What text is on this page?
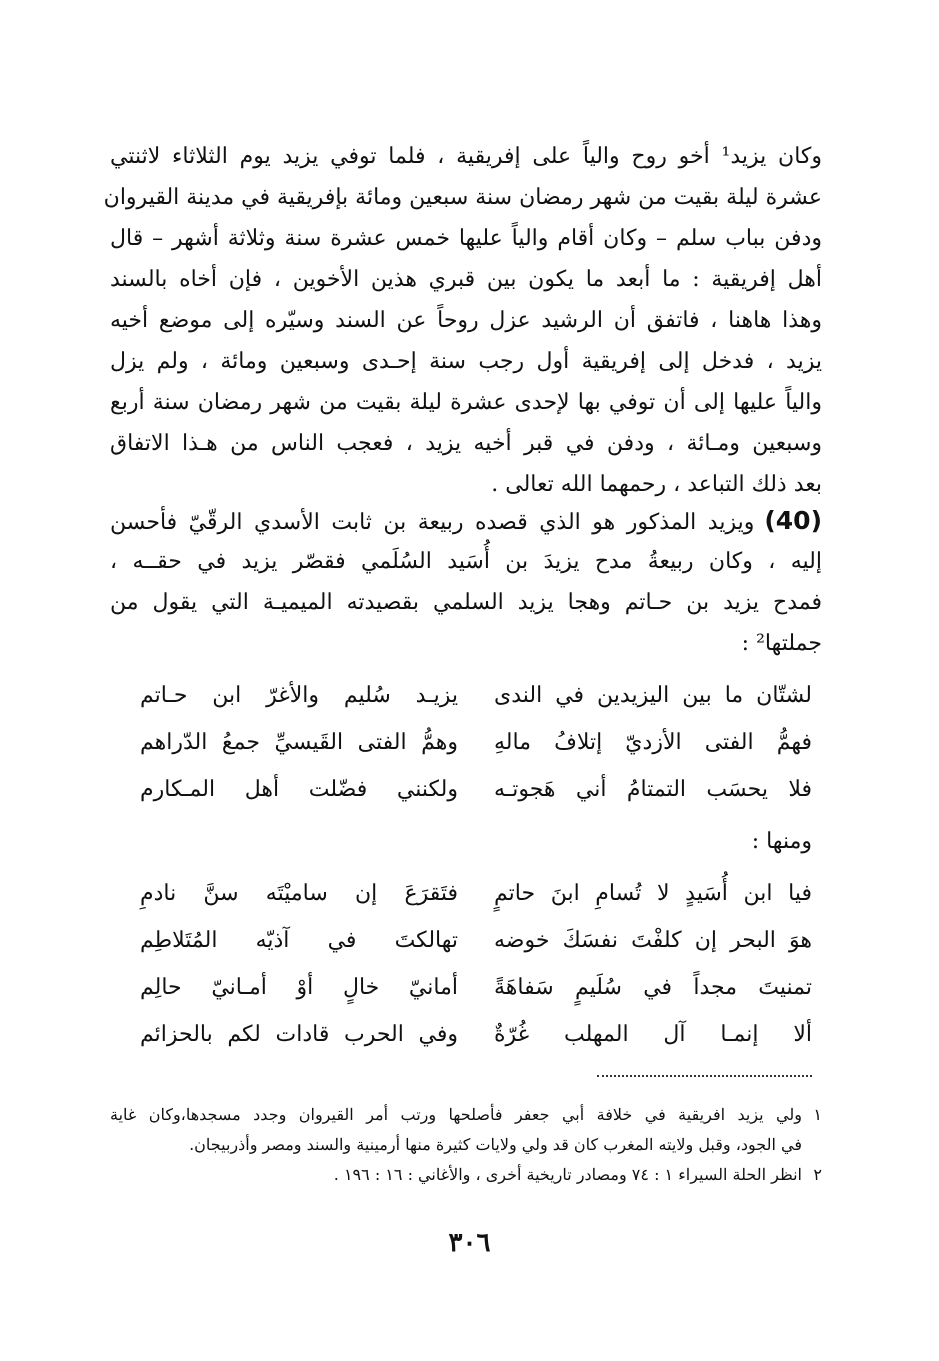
وكان يزيد¹ أخو روح والياً على إفريقية ، فلما توفي يزيد يوم الثلاثاء لاثنتي
عشرة ليلة بقيت من شهر رمضان سنة سبعين ومائة بإفريقية في مدينة القيروان
ودفن بباب سلم – وكان أقام والياً عليها خمس عشرة سنة وثلاثة أشهر – قال
أهل إفريقية : ما أبعد ما يكون بين قبري هذين الأخوين ، فإن أخاه بالسند
وهذا هاهنا ، فاتفق أن الرشيد عزل روحاً عن السند وسيّره إلى موضع أخيه
يزيد ، فدخل إلى إفريقية أول رجب سنة إحـدى وسبعين ومائة ، ولم يزل
والياً عليها إلى أن توفي بها لإحدى عشرة ليلة بقيت من شهر رمضان سنة أربع
وسبعين ومـائة ، ودفن في قبر أخيه يزيد ، فعجب الناس من هـذا الاتفاق
بعد ذلك التباعد ، رحمهما الله تعالى .
(40)ويزيد المذكور هو الذي قصده ربيعة بن ثابت الأسدي الرقّيّ فأحسن
إليه ، وكان ربيعةُ مدح يزيدَ بن أُسَيد السُلَمي فقصّر يزيد في حقــه ،
فمدح يزيد بن حـاتم وهجا يزيد السلمي بقصيدته الميميـة التي يقول من
جملتها² :
لشتّان ما بين اليزيدين في الندى
يزيـد سُليم والأغرّ ابن حـاتم
فهمُّ الفتى الأزديّ إتلافُ مالهِ
وهمُّ الفتى القَيسيِّ جمعُ الدّراهم
فلا يحسَب التمتامُ أني هَجوتـه
ولكنني فضّلت أهل المـكارم
ومنها :
فيا ابن أُسَيدٍ لا تُسامِ ابنَ حاتمٍ
فتَقرَعَ إن ساميْتَه سنَّ نادمِ
هوَ البحر إن كلفْتَ نفسَكَ خوضه
تهالكتَ في آذيّه المُتَلاطِم
تمنيتَ مجداً في سُلَيمٍ سَفاهَةً
أمانيّ خالٍ أوْ أمـانيّ حالِم
ألا إنمـا آل المهلب غُرّةٌ
وفي الحرب قادات لكم بالحزائم
١ولي يزيد افريقية في خلافة أبي جعفر فأصلحها ورتب أمر القيروان وجدد مسجدها،وكان غاية
في الجود، وقبل ولايته المغرب كان قد ولي ولايات كثيرة منها أرمينية والسند ومصر وأذربيجان.
٢انظر الحلة السيراء ١ : ٧٤ ومصادر تاريخية أخرى ، والأغاني : ١٦ : ١٩٦ .
٣٠٦
